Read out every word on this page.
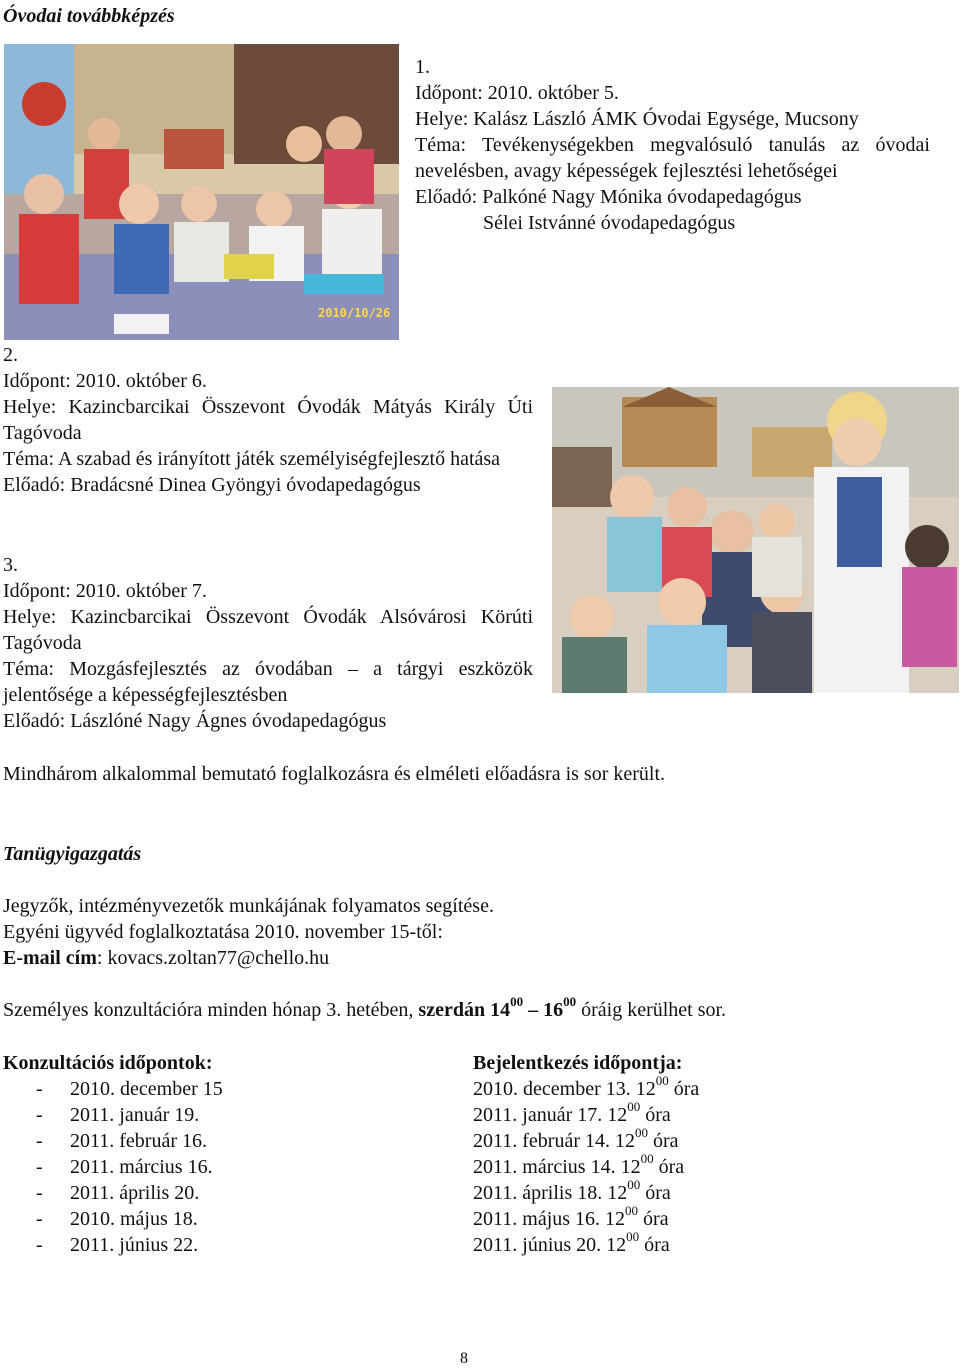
Óvodai továbbképzés
2010/10/26
1.
Időpont: 2010. október 5.
Helye: Kalász László ÁMK Óvodai Egysége, Mucsony
Téma: Tevékenységekben megvalósuló tanulás az óvodai nevelésben, avagy képességek fejlesztési lehetőségei
Előadó: Palkóné Nagy Mónika óvodapedagógus
Sélei Istvánné óvodapedagógus
2.
Időpont: 2010. október 6.
Helye: Kazincbarcikai Összevont Óvodák Mátyás Király Úti Tagóvoda
Téma: A szabad és irányított játék személyiségfejlesztő hatása
Előadó: Bradácsné Dinea Gyöngyi óvodapedagógus
3.
Időpont: 2010. október 7.
Helye: Kazincbarcikai Összevont Óvodák Alsóvárosi Körúti Tagóvoda
Téma: Mozgásfejlesztés az óvodában – a tárgyi eszközök jelentősége a képességfejlesztésben
Előadó: Lászlóné Nagy Ágnes óvodapedagógus
Mindhárom alkalommal bemutató foglalkozásra és elméleti előadásra is sor került.
Tanügyigazgatás
Jegyzők, intézményvezetők munkájának folyamatos segítése.
Egyéni ügyvéd foglalkoztatása 2010. november 15-től:
E-mail cím: kovacs.zoltan77@chello.hu
Személyes konzultációra minden hónap 3. hetében, szerdán $14^{00} - 16^{00}$ óráig kerülhet sor.
Konzultációs időpontok:	Bejelentkezés időpontja:
- 2010. december 15
- 2011. január 19.
- 2011. február 16.
- 2011. március 16.
- 2011. április 20.
- 2010. május 18.
- 2011. június 22.
2010. december 13. $12^{00}$ óra
2011. január 17. $12^{00}$ óra
2011. február 14. $12^{00}$ óra
2011. március 14. $12^{00}$ óra
2011. április 18. $12^{00}$ óra
2011. május 16. $12^{00}$ óra
2011. június 20. $12^{00}$ óra
8
